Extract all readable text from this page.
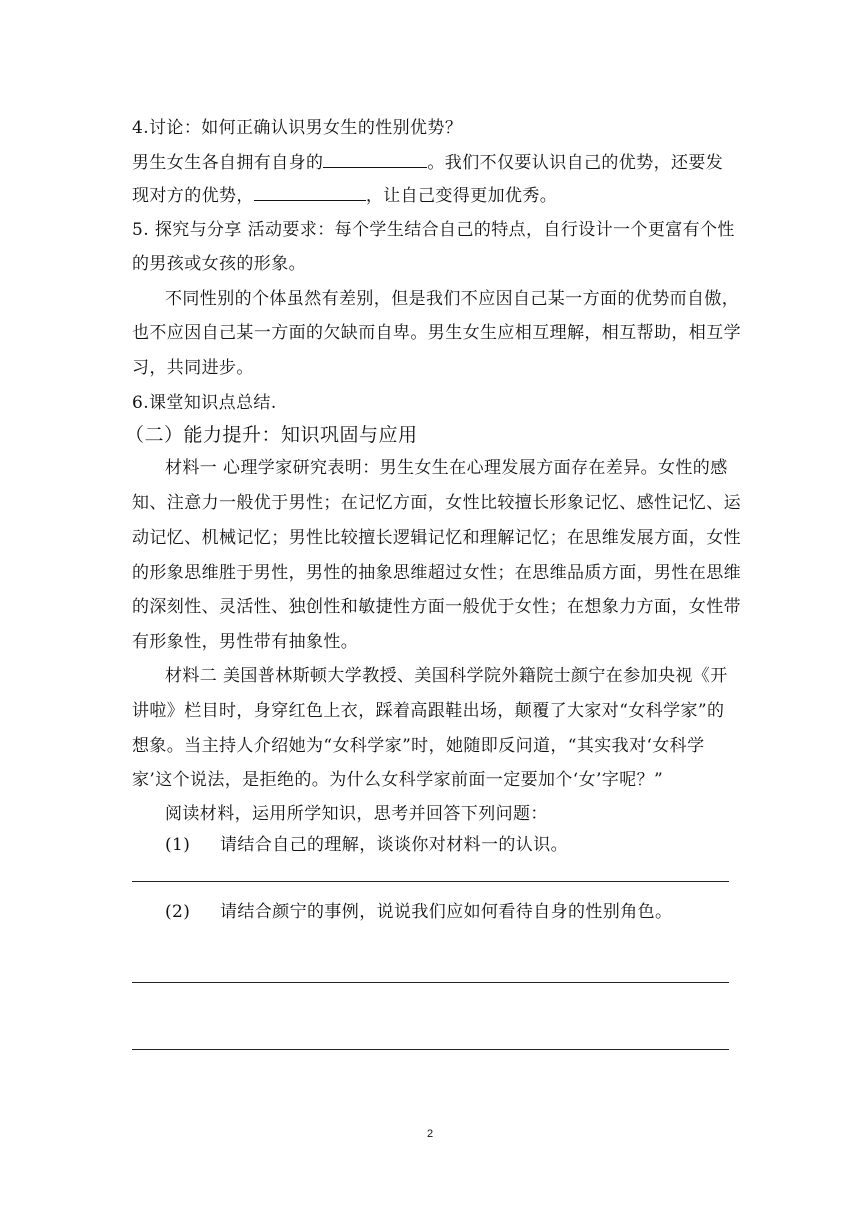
4.讨论：如何正确认识男女生的性别优势？
男生女生各自拥有自身的	。我们不仅要认识自己的优势，还要发
现对方的优势，	，让自己变得更加优秀。
5. 探究与分享 活动要求：每个学生结合自己的特点，自行设计一个更富有个性
的男孩或女孩的形象。
不同性别的个体虽然有差别，但是我们不应因自己某一方面的优势而自傲，
也不应因自己某一方面的欠缺而自卑。男生女生应相互理解，相互帮助，相互学
习，共同进步。
6.课堂知识点总结.
（二）能力提升：知识巩固与应用
材料一 心理学家研究表明：男生女生在心理发展方面存在差异。女性的感
知、注意力一般优于男性；在记忆方面，女性比较擅长形象记忆、感性记忆、运
动记忆、机械记忆；男性比较擅长逻辑记忆和理解记忆；在思维发展方面，女性
的形象思维胜于男性，男性的抽象思维超过女性；在思维品质方面，男性在思维
的深刻性、灵活性、独创性和敏捷性方面一般优于女性；在想象力方面，女性带
有形象性，男性带有抽象性。
材料二 美国普林斯顿大学教授、美国科学院外籍院士颜宁在参加央视《开
讲啦》栏目时，身穿红色上衣，踩着高跟鞋出场，颠覆了大家对“女科学家”的
想象。当主持人介绍她为“女科学家”时，她随即反问道，“其实我对‘女科学
家’这个说法，是拒绝的。为什么女科学家前面一定要加个‘女’字呢？”
阅读材料，运用所学知识，思考并回答下列问题：
(1) 请结合自己的理解，谈谈你对材料一的认识。
(2) 请结合颜宁的事例，说说我们应如何看待自身的性别角色。
2
